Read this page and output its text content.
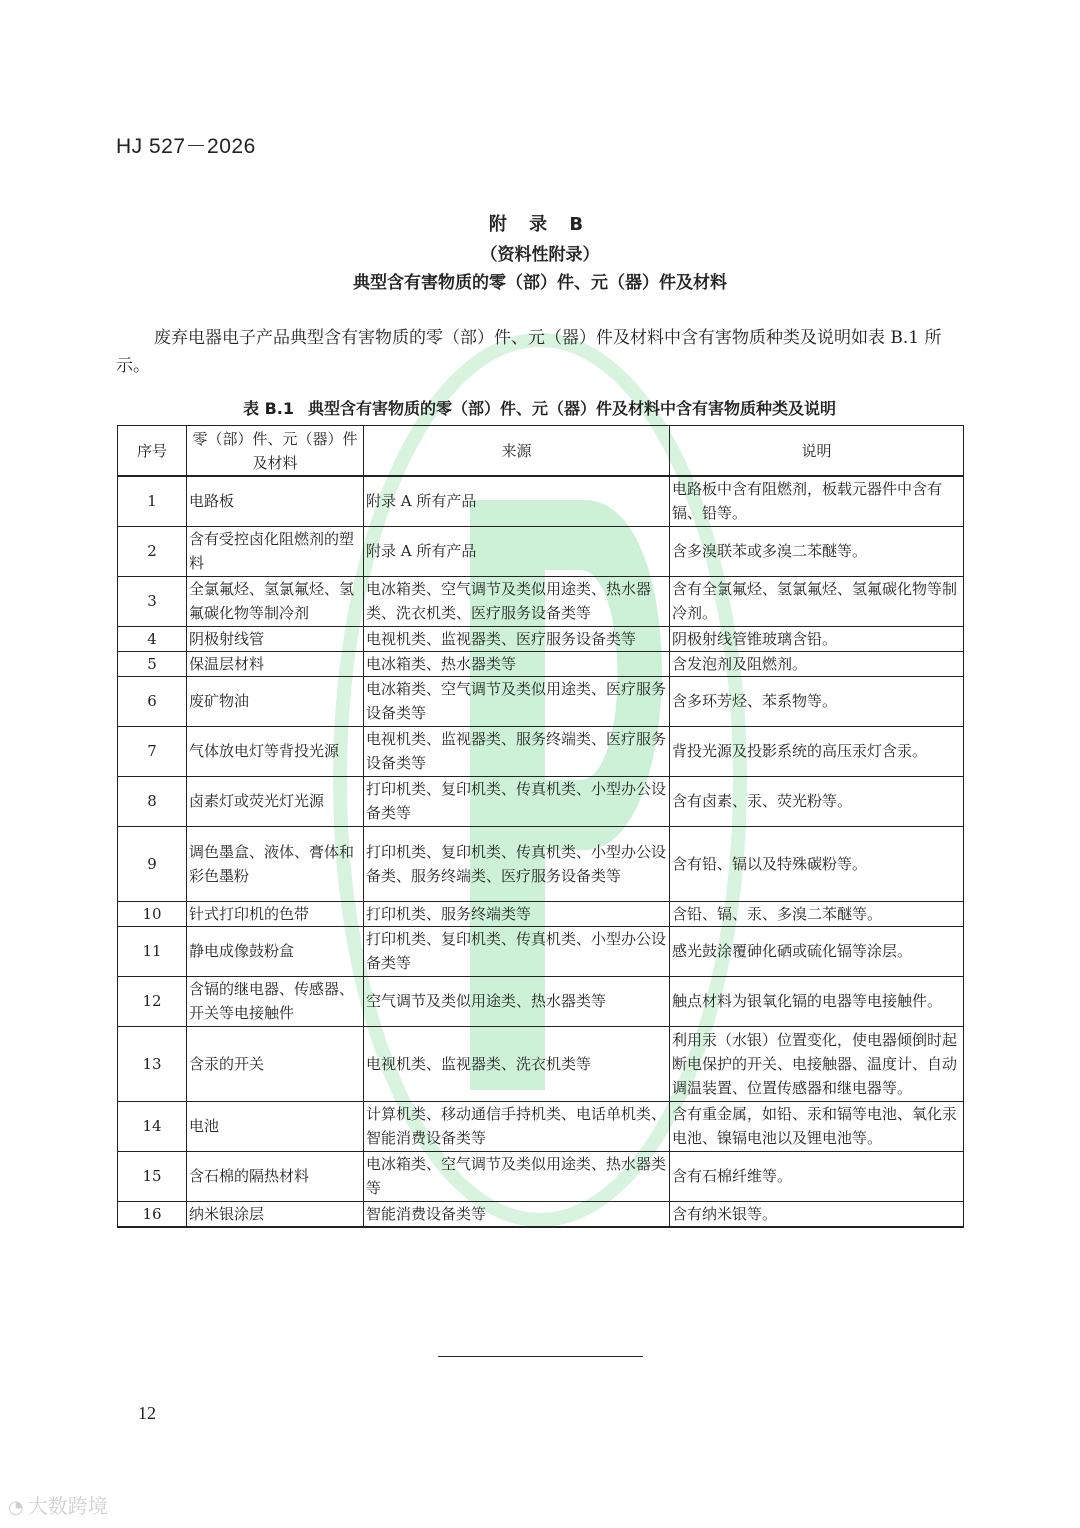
HJ 527－2026
附 录 B
（资料性附录）
典型含有害物质的零（部）件、元（器）件及材料

废弃电器电子产品典型含有害物质的零（部）件、元（器）件及材料中含有害物质种类及说明如表 B.1 所示。

表 B.1 典型含有害物质的零（部）件、元（器）件及材料中含有害物质种类及说明
序号	零（部）件、元（器）件及材料	来源	说明
1	电路板	附录 A 所有产品	电路板中含有阻燃剂，板载元器件中含有镉、铅等。
2	含有受控卤化阻燃剂的塑料	附录 A 所有产品	含多溴联苯或多溴二苯醚等。
3	全氯氟烃、氢氯氟烃、氢氟碳化物等制冷剂	电冰箱类、空气调节及类似用途类、热水器类、洗衣机类、医疗服务设备类等	含有全氯氟烃、氢氯氟烃、氢氟碳化物等制冷剂。
4	阴极射线管	电视机类、监视器类、医疗服务设备类等	阴极射线管锥玻璃含铅。
5	保温层材料	电冰箱类、热水器类等	含发泡剂及阻燃剂。
6	废矿物油	电冰箱类、空气调节及类似用途类、医疗服务设备类等	含多环芳烃、苯系物等。
7	气体放电灯等背投光源	电视机类、监视器类、服务终端类、医疗服务设备类等	背投光源及投影系统的高压汞灯含汞。
8	卤素灯或荧光灯光源	打印机类、复印机类、传真机类、小型办公设备类等	含有卤素、汞、荧光粉等。
9	调色墨盒、液体、膏体和彩色墨粉	打印机类、复印机类、传真机类、小型办公设备类、服务终端类、医疗服务设备类等	含有铅、镉以及特殊碳粉等。
10	针式打印机的色带	打印机类、服务终端类等	含铅、镉、汞、多溴二苯醚等。
11	静电成像鼓粉盒	打印机类、复印机类、传真机类、小型办公设备类等	感光鼓涂覆砷化硒或硫化镉等涂层。
12	含镉的继电器、传感器、开关等电接触件	空气调节及类似用途类、热水器类等	触点材料为银氧化镉的电器等电接触件。
13	含汞的开关	电视机类、监视器类、洗衣机类等	利用汞（水银）位置变化，使电器倾倒时起断电保护的开关、电接触器、温度计、自动调温装置、位置传感器和继电器等。
14	电池	计算机类、移动通信手持机类、电话单机类、智能消费设备类等	含有重金属，如铅、汞和镉等电池、氧化汞电池、镍镉电池以及锂电池等。
15	含石棉的隔热材料	电冰箱类、空气调节及类似用途类、热水器类等	含有石棉纤维等。
16	纳米银涂层	智能消费设备类等	含有纳米银等。
12
◔ 大数跨境
